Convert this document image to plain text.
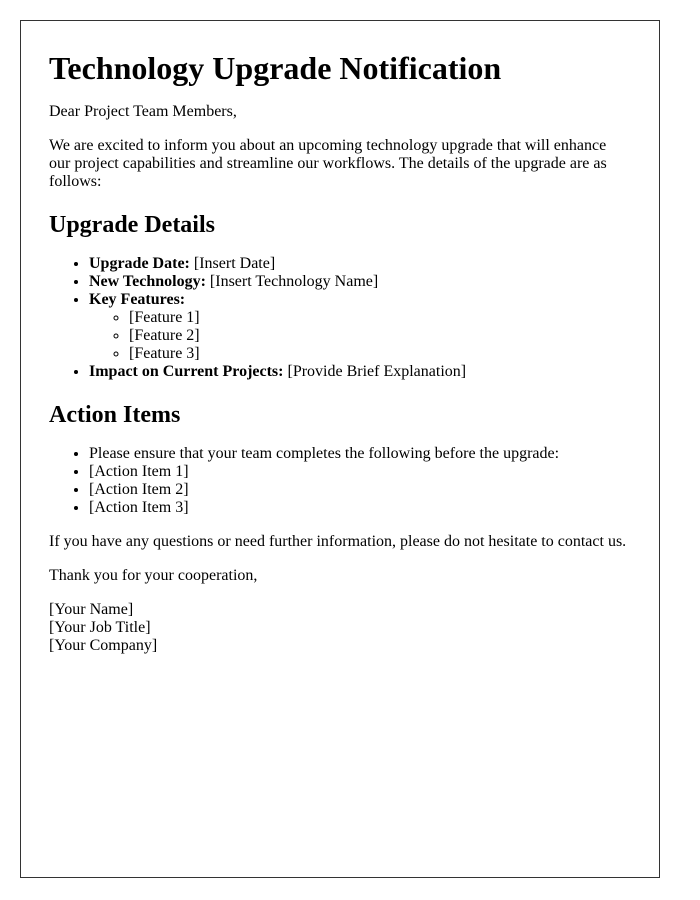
Technology Upgrade Notification

Dear Project Team Members,

We are excited to inform you about an upcoming technology upgrade that will enhance our project capabilities and streamline our workflows. The details of the upgrade are as follows:

Upgrade Details
• Upgrade Date: [Insert Date]
• New Technology: [Insert Technology Name]
• Key Features:
◦ [Feature 1]
◦ [Feature 2]
◦ [Feature 3]
• Impact on Current Projects: [Provide Brief Explanation]
Action Items
• Please ensure that your team completes the following before the upgrade:
• [Action Item 1]
• [Action Item 2]
• [Action Item 3]

If you have any questions or need further information, please do not hesitate to contact us.

Thank you for your cooperation,

[Your Name]

[Your Job Title]

[Your Company]
